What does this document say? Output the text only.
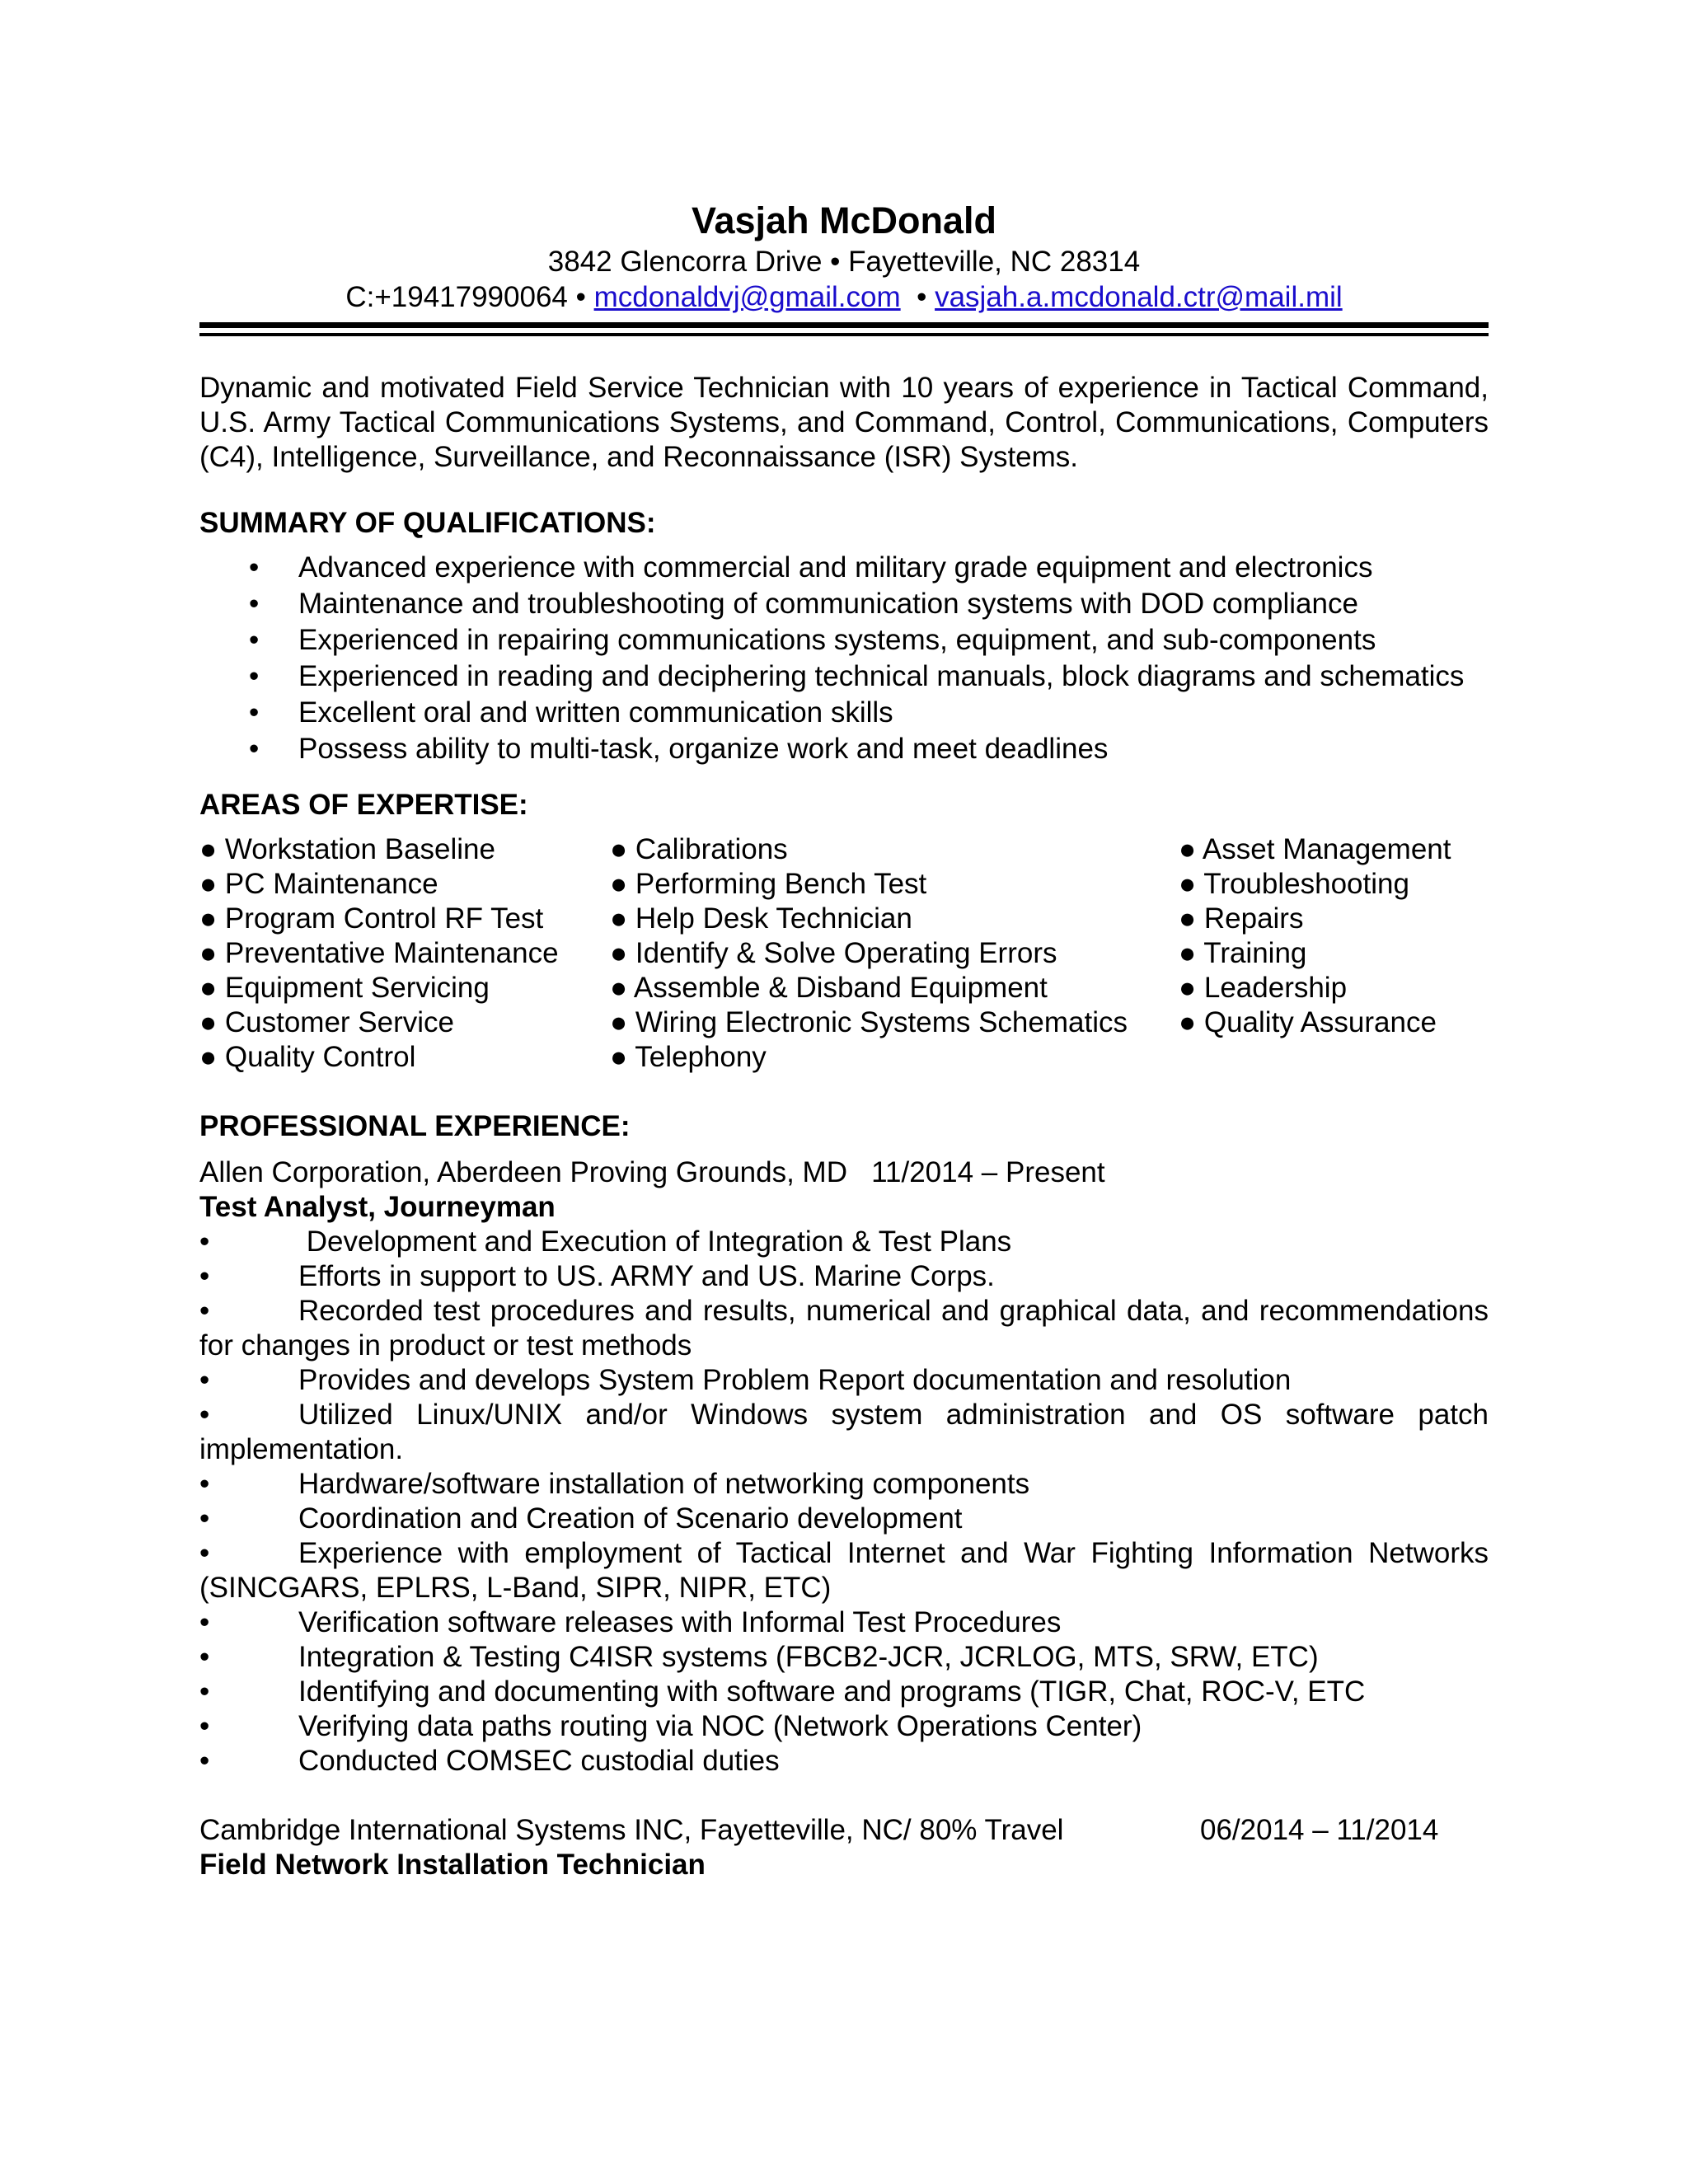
Vasjah McDonald
3842 Glencorra Drive • Fayetteville, NC 28314
C:+19417990064 • mcdonaldvj@gmail.com  • vasjah.a.mcdonald.ctr@mail.mil
Dynamic and motivated Field Service Technician with 10 years of experience in Tactical Command, U.S. Army Tactical Communications Systems, and Command, Control, Communications, Computers (C4), Intelligence, Surveillance, and Reconnaissance (ISR) Systems.
SUMMARY OF QUALIFICATIONS:
• Advanced experience with commercial and military grade equipment and electronics
• Maintenance and troubleshooting of communication systems with DOD compliance
• Experienced in repairing communications systems, equipment, and sub-components
• Experienced in reading and deciphering technical manuals, block diagrams and schematics
• Excellent oral and written communication skills
• Possess ability to multi-task, organize work and meet deadlines
AREAS OF EXPERTISE:
● Workstation Baseline
● PC Maintenance
● Program Control RF Test
● Preventative Maintenance
● Equipment Servicing
● Customer Service
● Quality Control
● Calibrations
● Performing Bench Test
● Help Desk Technician
● Identify & Solve Operating Errors
● Assemble & Disband Equipment
● Wiring Electronic Systems Schematics
● Telephony
● Asset Management
● Troubleshooting
● Repairs
● Training
● Leadership
● Quality Assurance
PROFESSIONAL EXPERIENCE:
Allen Corporation, Aberdeen Proving Grounds, MD   11/2014 – Present
Test Analyst, Journeyman
•	Development and Execution of Integration & Test Plans
•	Efforts in support to US. ARMY and US. Marine Corps.
•	Recorded test procedures and results, numerical and graphical data, and recommendations for changes in product or test methods
•	Provides and develops System Problem Report documentation and resolution
•	Utilized Linux/UNIX and/or Windows system administration and OS software patch implementation.
•	Hardware/software installation of networking components
•	Coordination and Creation of Scenario development
•	Experience with employment of Tactical Internet and War Fighting Information Networks (SINCGARS, EPLRS, L-Band, SIPR, NIPR, ETC)
•	Verification software releases with Informal Test Procedures
•	Integration & Testing C4ISR systems (FBCB2-JCR, JCRLOG, MTS, SRW, ETC)
•	Identifying and documenting with software and programs (TIGR, Chat, ROC-V, ETC
•	Verifying data paths routing via NOC (Network Operations Center)
•	Conducted COMSEC custodial duties
Cambridge International Systems INC, Fayetteville, NC/ 80% Travel	06/2014 – 11/2014
Field Network Installation Technician
